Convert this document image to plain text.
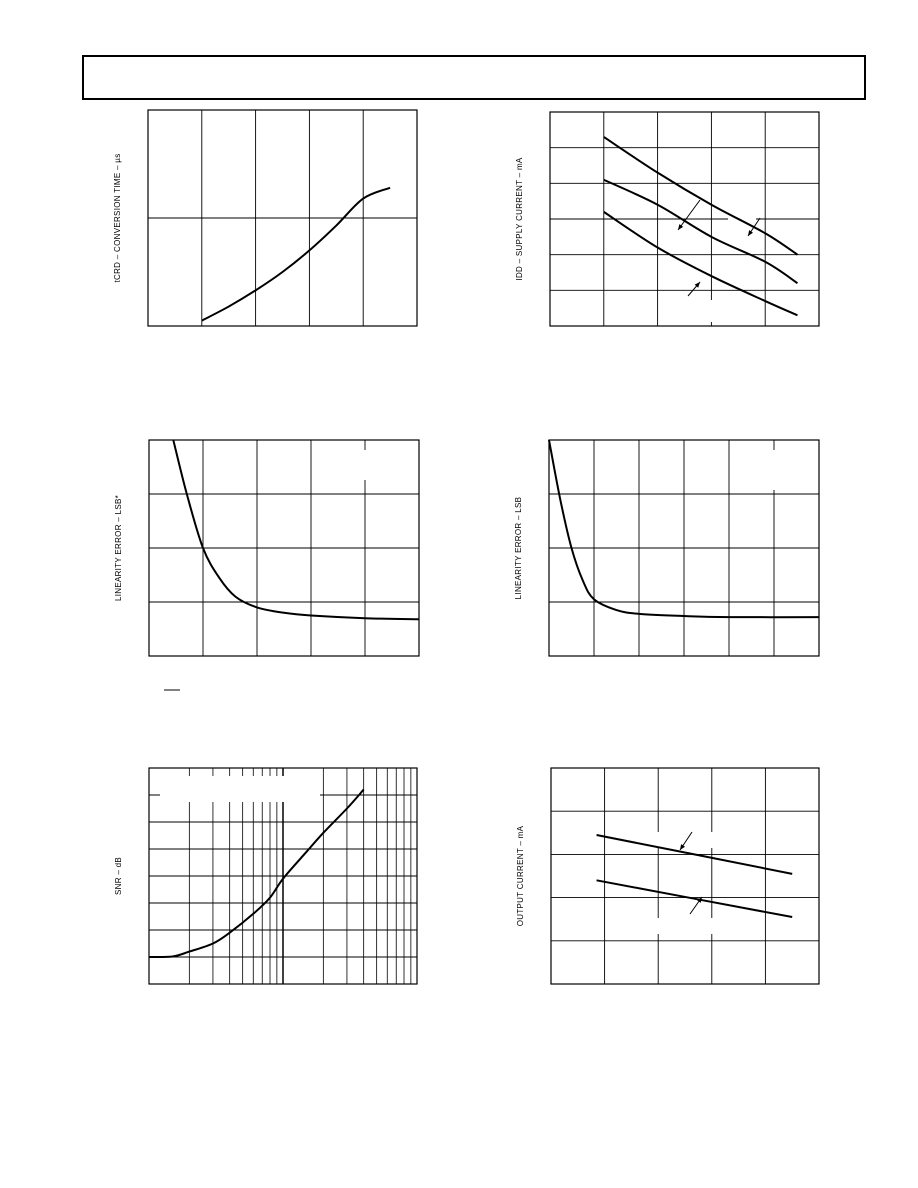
tCRD – CONVERSION TIME – µs	IDD – SUPPLY CURRENT – mA
LINEARITY ERROR – LSB*	LINEARITY ERROR – LSB
SNR – dB	OUTPUT CURRENT – mA
